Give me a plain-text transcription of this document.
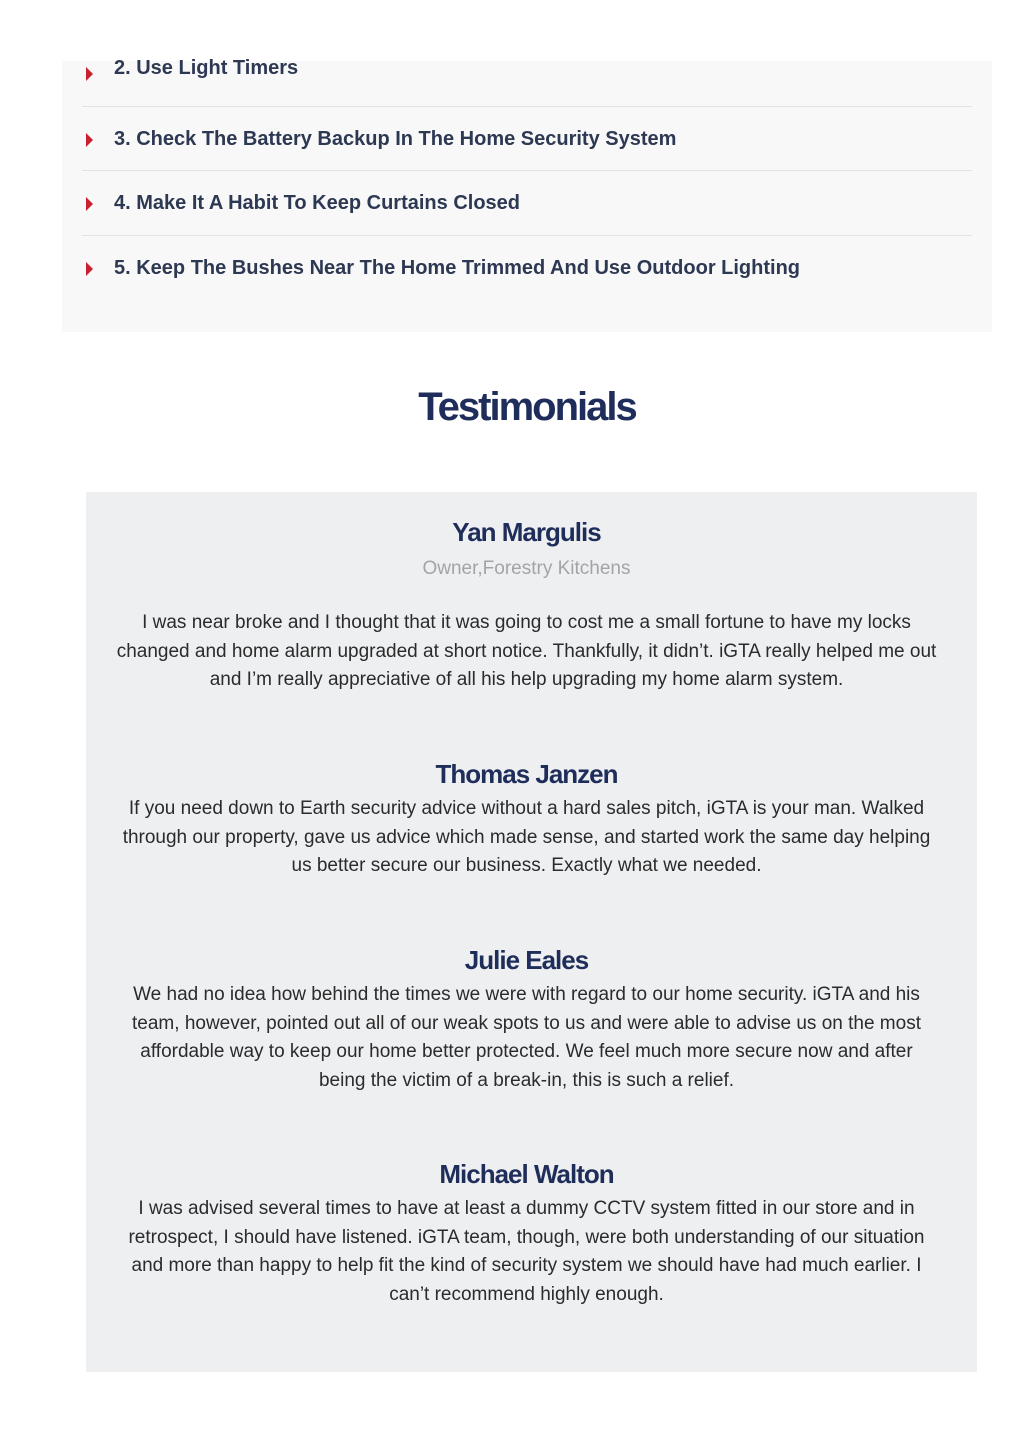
2. Use Light Timers
3. Check The Battery Backup In The Home Security System
4. Make It A Habit To Keep Curtains Closed
5. Keep The Bushes Near The Home Trimmed And Use Outdoor Lighting
Testimonials
Yan Margulis
Owner,Forestry Kitchens

I was near broke and I thought that it was going to cost me a small fortune to have my locks changed and home alarm upgraded at short notice. Thankfully, it didn’t. iGTA really helped me out and I’m really appreciative of all his help upgrading my home alarm system.

Thomas Janzen

If you need down to Earth security advice without a hard sales pitch, iGTA is your man. Walked through our property, gave us advice which made sense, and started work the same day helping us better secure our business. Exactly what we needed.

Julie Eales

We had no idea how behind the times we were with regard to our home security. iGTA and his team, however, pointed out all of our weak spots to us and were able to advise us on the most affordable way to keep our home better protected. We feel much more secure now and after being the victim of a break-in, this is such a relief.

Michael Walton

I was advised several times to have at least a dummy CCTV system fitted in our store and in retrospect, I should have listened. iGTA team, though, were both understanding of our situation and more than happy to help fit the kind of security system we should have had much earlier. I can’t recommend highly enough.
